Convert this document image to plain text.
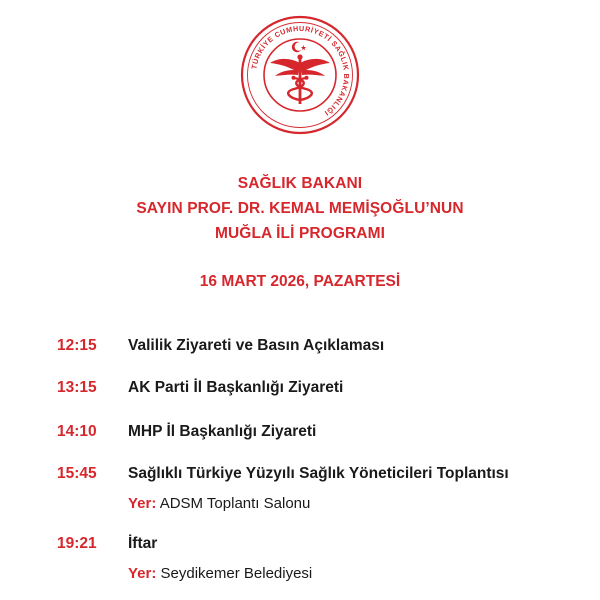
TÜRKİYE CUMHURİYETİ SAĞLIK BAKANLIĞI
SAĞLIK BAKANI
SAYIN PROF. DR. KEMAL MEMİŞOĞLU’NUN
MUĞLA İLİ PROGRAMI
16 MART 2026, PAZARTESİ
12:15	Valilik Ziyareti ve Basın Açıklaması
13:15	AK Parti İl Başkanlığı Ziyareti
14:10	MHP İl Başkanlığı Ziyareti
15:45	Sağlıklı Türkiye Yüzyılı Sağlık Yöneticileri Toplantısı
Yer: ADSM Toplantı Salonu
19:21	İftar
Yer: Seydikemer Belediyesi
